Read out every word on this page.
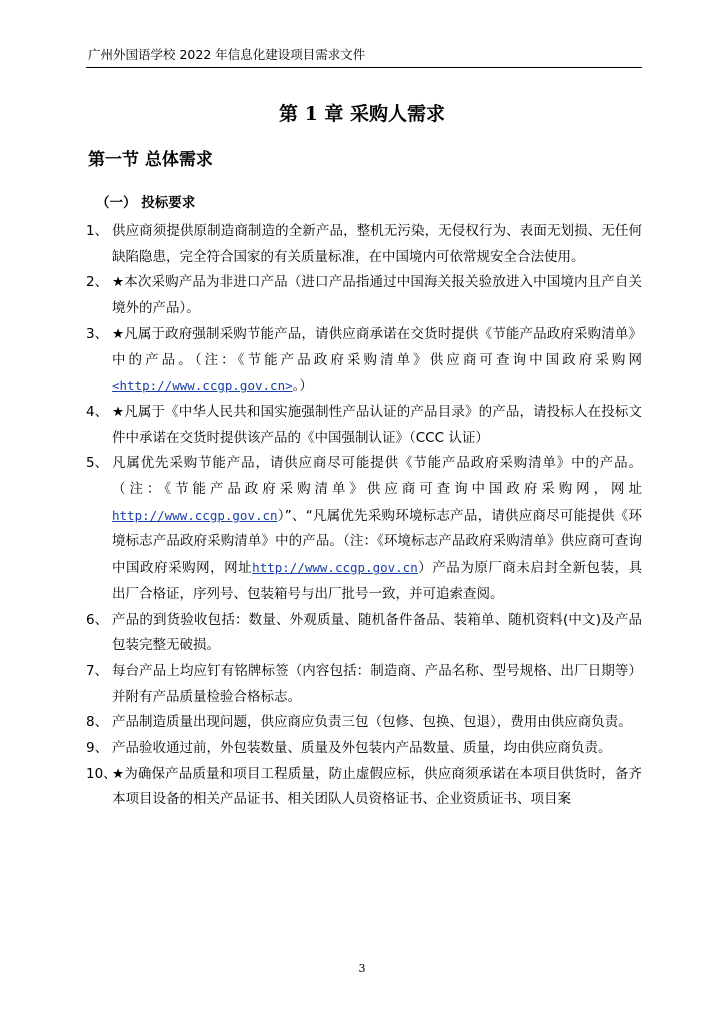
广州外国语学校 2022 年信息化建设项目需求文件
第 1 章 采购人需求
第一节 总体需求
（一） 投标要求
1、 供应商须提供原制造商制造的全新产品，整机无污染，无侵权行为、表面无划损、无任何缺陷隐患，完全符合国家的有关质量标准，在中国境内可依常规安全合法使用。
2、 ★本次采购产品为非进口产品（进口产品指通过中国海关报关验放进入中国境内且产自关境外的产品）。
3、 ★凡属于政府强制采购节能产品，请供应商承诺在交货时提供《节能产品政府采购清单》中的产品。（注：《节能产品政府采购清单》供应商可查询中国政府采购网<http://www.ccgp.gov.cn>。）
4、 ★凡属于《中华人民共和国实施强制性产品认证的产品目录》的产品，请投标人在投标文件中承诺在交货时提供该产品的《中国强制认证》（CCC 认证）
5、 凡属优先采购节能产品，请供应商尽可能提供《节能产品政府采购清单》中的产品。（注：《节能产品政府采购清单》供应商可查询中国政府采购网，网址http://www.ccgp.gov.cn）”、“凡属优先采购环境标志产品，请供应商尽可能提供《环境标志产品政府采购清单》中的产品。（注：《环境标志产品政府采购清单》供应商可查询中国政府采购网，网址http://www.ccgp.gov.cn）产品为原厂商未启封全新包装，具出厂合格证，序列号、包装箱号与出厂批号一致，并可追索查阅。
6、 产品的到货验收包括：数量、外观质量、随机备件备品、装箱单、随机资料(中文)及产品包装完整无破损。
7、 每台产品上均应钉有铭牌标签（内容包括：制造商、产品名称、型号规格、出厂日期等）并附有产品质量检验合格标志。
8、 产品制造质量出现问题，供应商应负责三包（包修、包换、包退），费用由供应商负责。
9、 产品验收通过前，外包装数量、质量及外包装内产品数量、质量，均由供应商负责。
10、
★为确保产品质量和项目工程质量，防止虚假应标，供应商须承诺在本项目供货时，备齐本项目设备的相关产品证书、相关团队人员资格证书、企业资质证书、项目案
3
